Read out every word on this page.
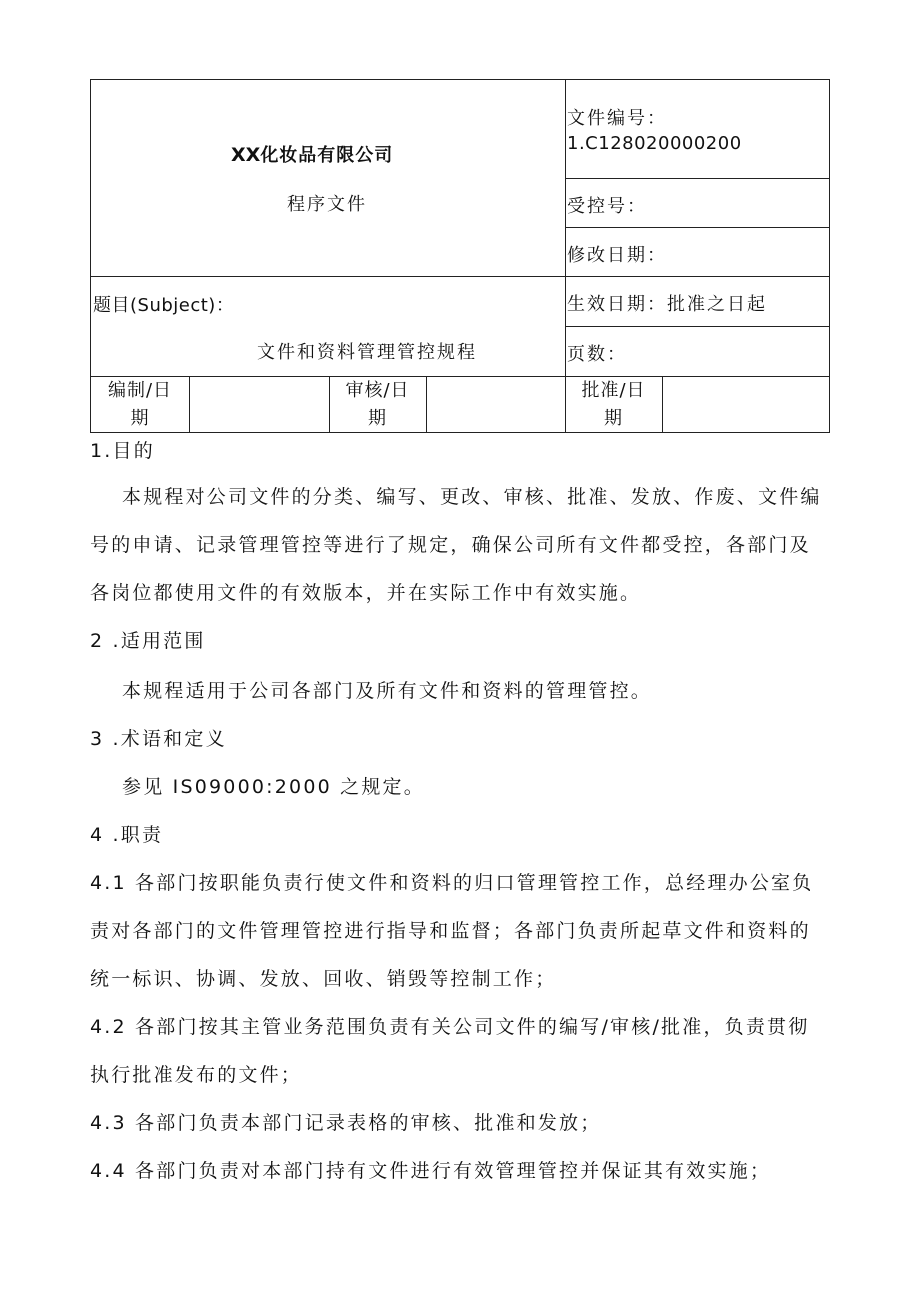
XX化妆品有限公司
程序文件
文件编号：
1.C128020000200
受控号：
修改日期：
生效日期：批准之日起
页数：
题目(Subject)：
文件和资料管理管控规程
编制/日
期
审核/日
期
批准/日
期
1.目的
本规程对公司文件的分类、编写、更改、审核、批准、发放、作废、文件编
号的申请、记录管理管控等进行了规定，确保公司所有文件都受控，各部门及
各岗位都使用文件的有效版本，并在实际工作中有效实施。
2 .适用范围
本规程适用于公司各部门及所有文件和资料的管理管控。
3 .术语和定义
参见 IS09000:2000 之规定。
4 .职责
4.1 各部门按职能负责行使文件和资料的归口管理管控工作，总经理办公室负
责对各部门的文件管理管控进行指导和监督；各部门负责所起草文件和资料的
统一标识、协调、发放、回收、销毁等控制工作；
4.2 各部门按其主管业务范围负责有关公司文件的编写/审核/批准，负责贯彻
执行批准发布的文件；
4.3 各部门负责本部门记录表格的审核、批准和发放；
4.4 各部门负责对本部门持有文件进行有效管理管控并保证其有效实施；
